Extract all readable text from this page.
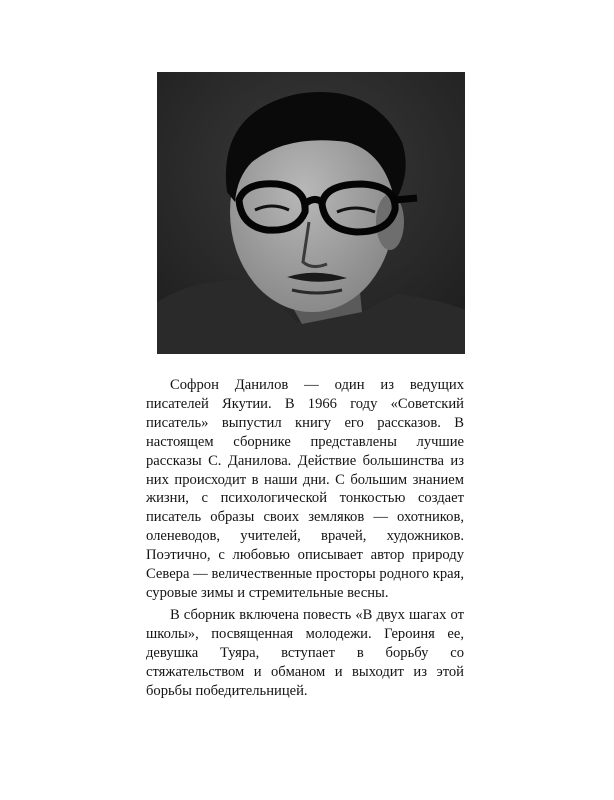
Софрон Данилов — один из ведущих писателей Якутии. В 1966 году «Советский писатель» выпустил книгу его рассказов. В настоящем сборнике представлены лучшие рассказы С. Данилова. Действие большинства из них происходит в наши дни. С большим знанием жизни, с психологической тонкостью создает писатель образы своих земляков — охотников, оленеводов, учителей, врачей, художников. Поэтично, с любовью описывает автор природу Севера — величественные просторы родного края, суровые зимы и стремительные весны.

В сборник включена повесть «В двух шагах от школы», посвященная молодежи. Героиня ее, девушка Туяра, вступает в борьбу со стяжательством и обманом и выходит из этой борьбы победительницей.
